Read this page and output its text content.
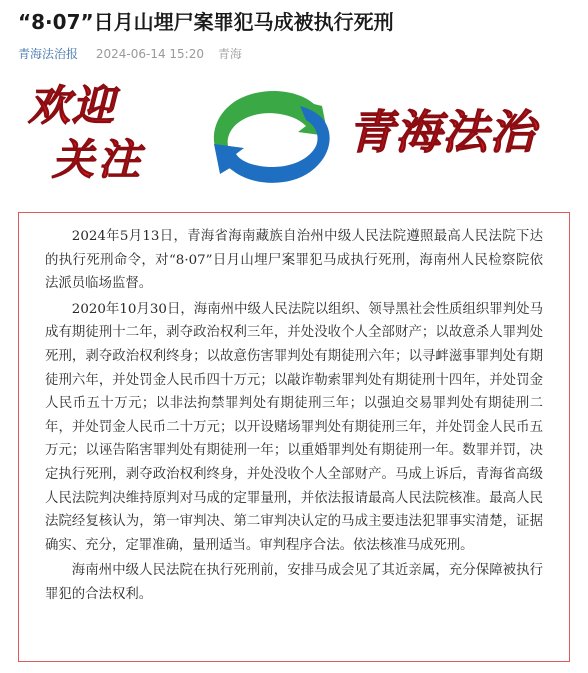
“8·07”日月山埋尸案罪犯马成被执行死刑
青海法治报 2024-06-14 15:20 青海
欢迎
关注
青海法治

2024年5月13日，青海省海南藏族自治州中级人民法院遵照最高人民法院下达的执行死刑命令，对“8·07”日月山埋尸案罪犯马成执行死刑，海南州人民检察院依法派员临场监督。

2020年10月30日，海南州中级人民法院以组织、领导黑社会性质组织罪判处马成有期徒刑十二年，剥夺政治权利三年，并处没收个人全部财产；以故意杀人罪判处死刑，剥夺政治权利终身；以故意伤害罪判处有期徒刑六年；以寻衅滋事罪判处有期徒刑六年，并处罚金人民币四十万元；以敲诈勒索罪判处有期徒刑十四年，并处罚金人民币五十万元；以非法拘禁罪判处有期徒刑三年；以强迫交易罪判处有期徒刑二年，并处罚金人民币二十万元；以开设赌场罪判处有期徒刑三年，并处罚金人民币五万元；以诬告陷害罪判处有期徒刑一年；以重婚罪判处有期徒刑一年。数罪并罚，决定执行死刑，剥夺政治权利终身，并处没收个人全部财产。马成上诉后，青海省高级人民法院判决维持原判对马成的定罪量刑，并依法报请最高人民法院核准。最高人民法院经复核认为，第一审判决、第二审判决认定的马成主要违法犯罪事实清楚，证据确实、充分，定罪准确，量刑适当。审判程序合法。依法核准马成死刑。

海南州中级人民法院在执行死刑前，安排马成会见了其近亲属，充分保障被执行罪犯的合法权利。
